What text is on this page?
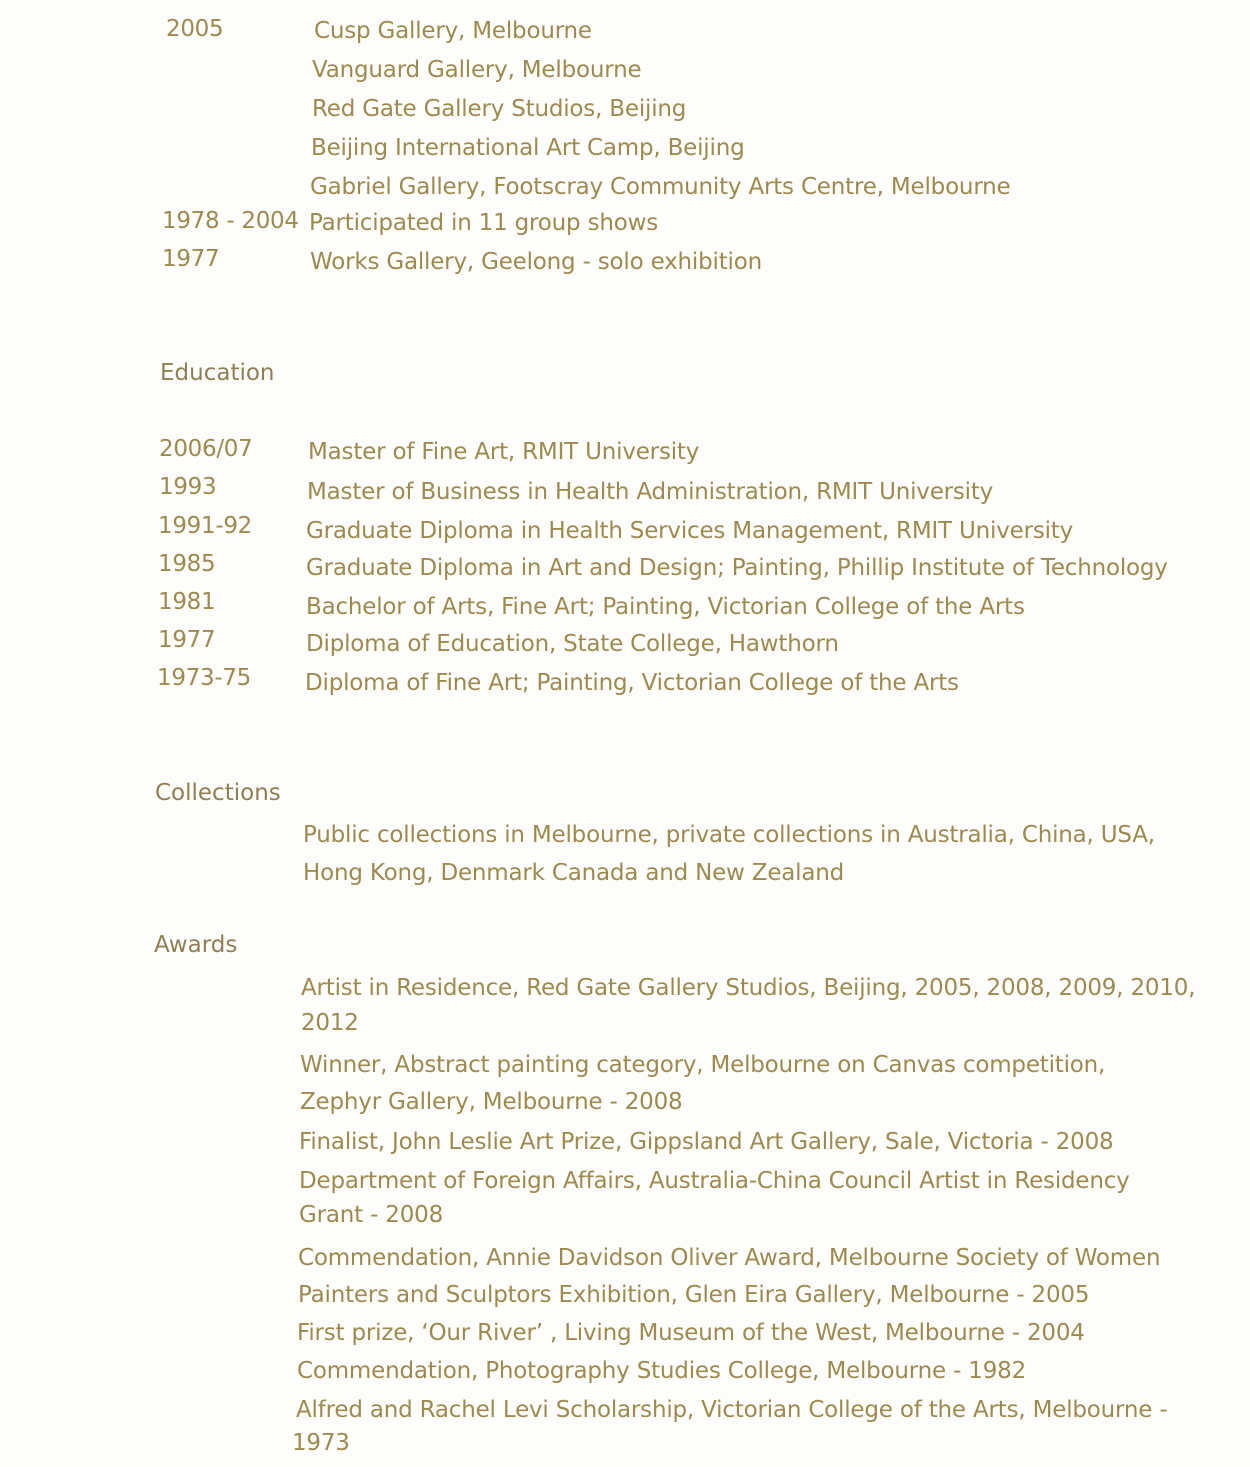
2005	Cusp Gallery, Melbourne
Vanguard Gallery, Melbourne
Red Gate Gallery Studios, Beijing
Beijing International Art Camp, Beijing
Gabriel Gallery, Footscray Community Arts Centre, Melbourne
1978 - 2004 Participated in 11 group shows
1977	Works Gallery, Geelong - solo exhibition
Education
2006/07 Master of Fine Art, RMIT University
1993	Master of Business in Health Administration, RMIT University
1991-92 Graduate Diploma in Health Services Management, RMIT University
1985	Graduate Diploma in Art and Design; Painting, Phillip Institute of Technology
1981	Bachelor of Arts, Fine Art; Painting, Victorian College of the Arts
1977	Diploma of Education, State College, Hawthorn
1973-75 Diploma of Fine Art; Painting, Victorian College of the Arts
Collections
Public collections in Melbourne, private collections in Australia, China, USA,
Hong Kong, Denmark Canada and New Zealand
Awards
Artist in Residence, Red Gate Gallery Studios, Beijing, 2005, 2008, 2009, 2010,
2012
Winner, Abstract painting category, Melbourne on Canvas competition,
Zephyr Gallery, Melbourne - 2008
Finalist, John Leslie Art Prize, Gippsland Art Gallery, Sale, Victoria - 2008
Department of Foreign Affairs, Australia-China Council Artist in Residency
Grant - 2008
Commendation, Annie Davidson Oliver Award, Melbourne Society of Women
Painters and Sculptors Exhibition, Glen Eira Gallery, Melbourne - 2005
First prize, ‘Our River’ , Living Museum of the West, Melbourne - 2004
Commendation, Photography Studies College, Melbourne - 1982
Alfred and Rachel Levi Scholarship, Victorian College of the Arts, Melbourne -
1973
